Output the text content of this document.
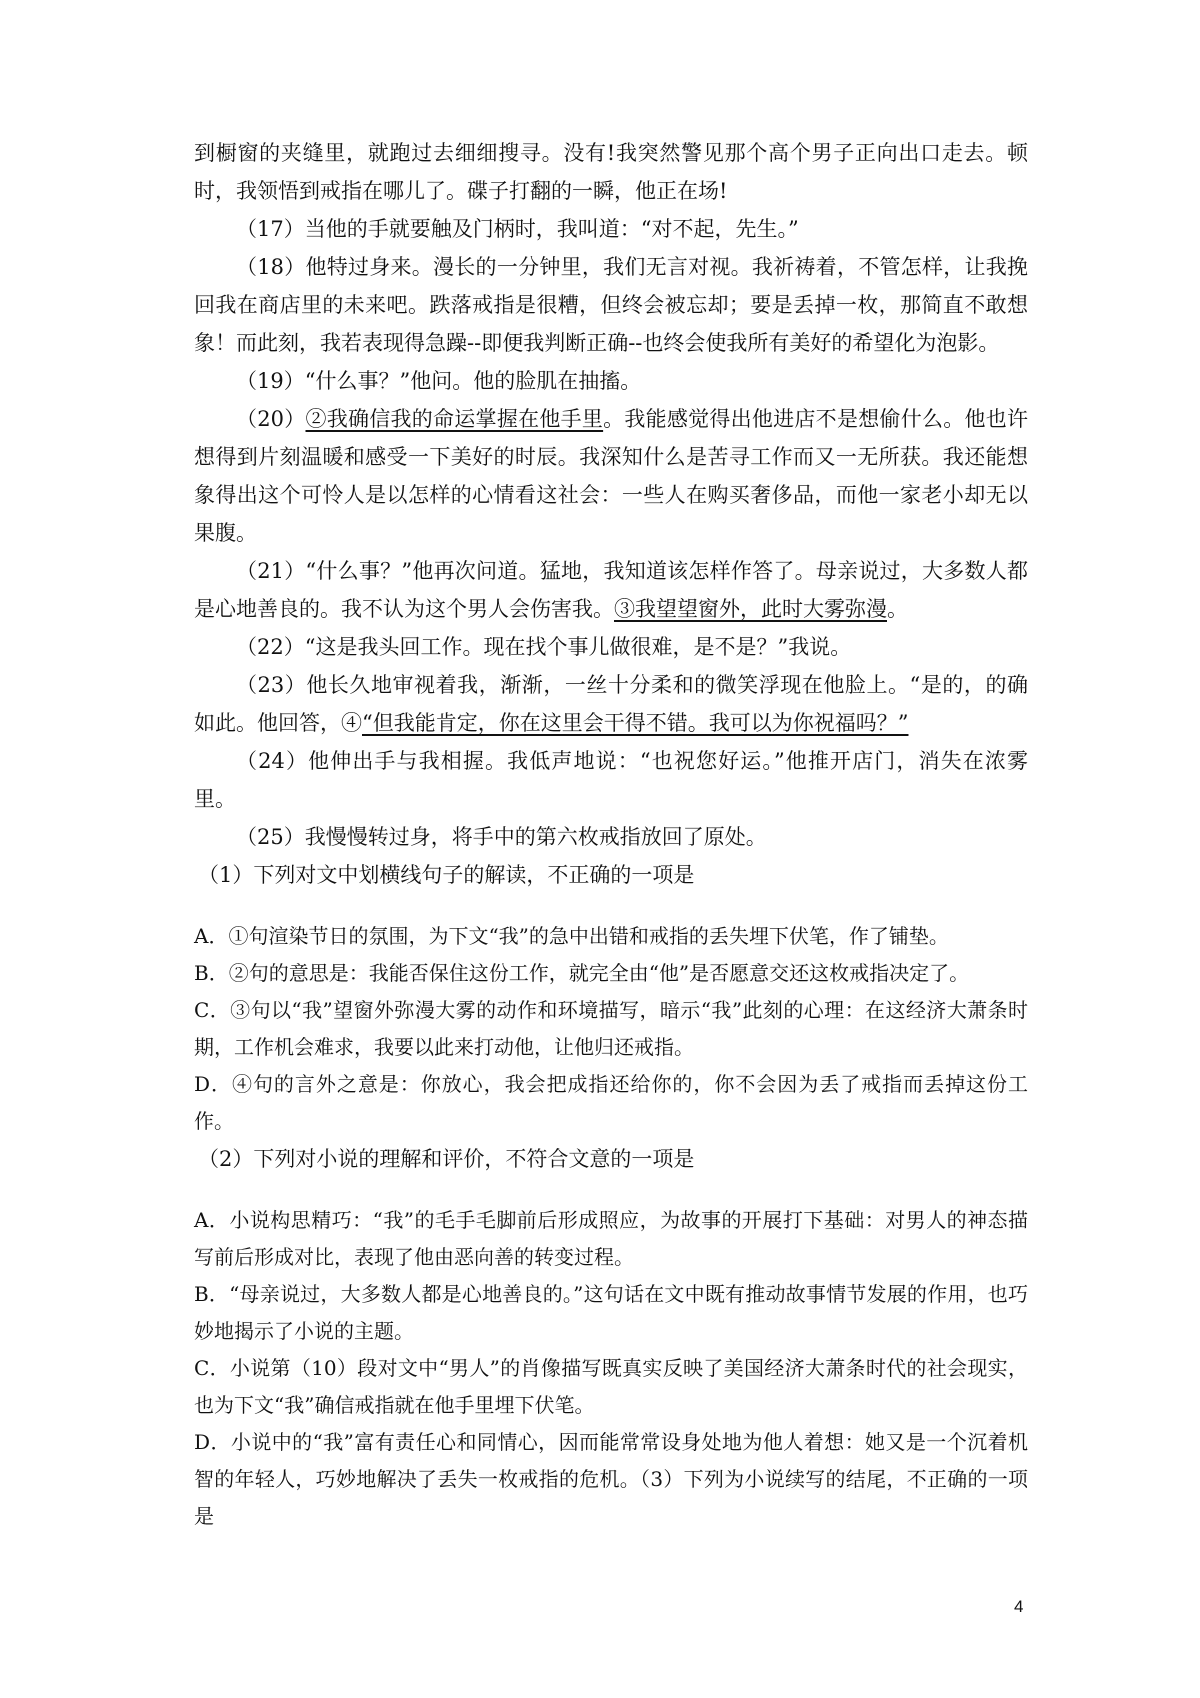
到橱窗的夹缝里，就跑过去细细搜寻。没有!我突然警见那个高个男子正向出口走去。顿时，我领悟到戒指在哪儿了。碟子打翻的一瞬，他正在场!

（17）当他的手就要触及门柄时，我叫道：“对不起，先生。”

（18）他特过身来。漫长的一分钟里，我们无言对视。我祈祷着，不管怎样，让我挽回我在商店里的未来吧。跌落戒指是很糟，但终会被忘却；要是丢掉一枚，那简直不敢想象！而此刻，我若表现得急躁--即便我判断正确--也终会使我所有美好的希望化为泡影。

（19）“什么事？”他问。他的脸肌在抽搐。

（20）②我确信我的命运掌握在他手里。我能感觉得出他进店不是想偷什么。他也许想得到片刻温暖和感受一下美好的时辰。我深知什么是苦寻工作而又一无所获。我还能想象得出这个可怜人是以怎样的心情看这社会：一些人在购买奢侈品，而他一家老小却无以果腹。

（21）“什么事？”他再次问道。猛地，我知道该怎样作答了。母亲说过，大多数人都是心地善良的。我不认为这个男人会伤害我。③我望望窗外，此时大雾弥漫。

（22）“这是我头回工作。现在找个事儿做很难，是不是？”我说。

（23）他长久地审视着我，渐渐，一丝十分柔和的微笑浮现在他脸上。“是的，的确如此。他回答，④“但我能肯定，你在这里会干得不错。我可以为你祝福吗？”

（24）他伸出手与我相握。我低声地说：“也祝您好运。”他推开店门，消失在浓雾里。

（25）我慢慢转过身，将手中的第六枚戒指放回了原处。

（1）下列对文中划横线句子的解读，不正确的一项是

A．①句渲染节日的氛围，为下文“我”的急中出错和戒指的丢失埋下伏笔，作了铺垫。

B．②句的意思是：我能否保住这份工作，就完全由“他”是否愿意交还这枚戒指决定了。

C．③句以“我”望窗外弥漫大雾的动作和环境描写，暗示“我”此刻的心理：在这经济大萧条时期，工作机会难求，我要以此来打动他，让他归还戒指。

D．④句的言外之意是：你放心，我会把成指还给你的，你不会因为丢了戒指而丢掉这份工作。

（2）下列对小说的理解和评价，不符合文意的一项是

A．小说构思精巧：“我”的毛手毛脚前后形成照应，为故事的开展打下基础：对男人的神态描写前后形成对比，表现了他由恶向善的转变过程。

B．“母亲说过，大多数人都是心地善良的。”这句话在文中既有推动故事情节发展的作用，也巧妙地揭示了小说的主题。

C．小说第（10）段对文中“男人”的肖像描写既真实反映了美国经济大萧条时代的社会现实，也为下文“我”确信戒指就在他手里埋下伏笔。

D．小说中的“我”富有责任心和同情心，因而能常常设身处地为他人着想：她又是一个沉着机智的年轻人，巧妙地解决了丢失一枚戒指的危机。（3）下列为小说续写的结尾，不正确的一项是

4
